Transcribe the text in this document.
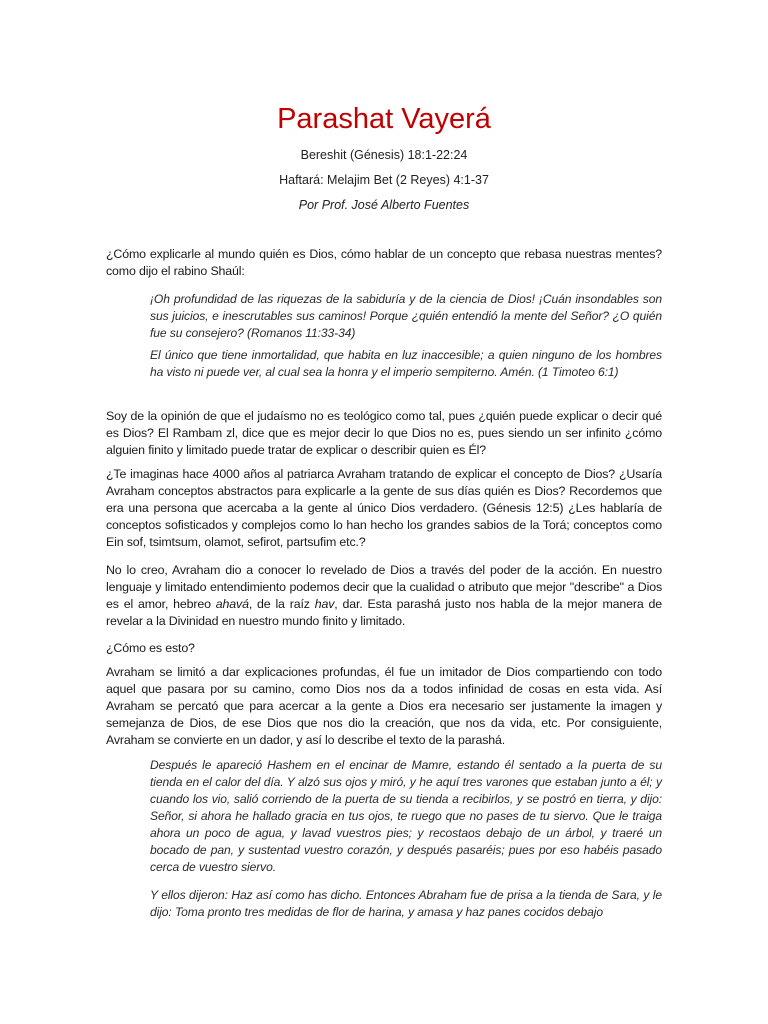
Parashat Vayerá
Bereshit (Génesis) 18:1-22:24
Haftará: Melajim Bet (2 Reyes) 4:1-37
Por Prof. José Alberto Fuentes
¿Cómo explicarle al mundo quién es Dios, cómo hablar de un concepto que rebasa nuestras mentes? como dijo el rabino Shaúl:
¡Oh profundidad de las riquezas de la sabiduría y de la ciencia de Dios! ¡Cuán insondables son sus juicios, e inescrutables sus caminos! Porque ¿quién entendió la mente del Señor? ¿O quién fue su consejero? (Romanos 11:33-34)
El único que tiene inmortalidad, que habita en luz inaccesible; a quien ninguno de los hombres ha visto ni puede ver, al cual sea la honra y el imperio sempiterno. Amén. (1 Timoteo 6:1)
Soy de la opinión de que el judaísmo no es teológico como tal, pues ¿quién puede explicar o decir qué es Dios? El Rambam zl, dice que es mejor decir lo que Dios no es, pues siendo un ser infinito ¿cómo alguien finito y limitado puede tratar de explicar o describir quien es Él?
¿Te imaginas hace 4000 años al patriarca Avraham tratando de explicar el concepto de Dios? ¿Usaría Avraham conceptos abstractos para explicarle a la gente de sus días quién es Dios? Recordemos que era una persona que acercaba a la gente al único Dios verdadero. (Génesis 12:5) ¿Les hablaría de conceptos sofisticados y complejos como lo han hecho los grandes sabios de la Torá; conceptos como Ein sof, tsimtsum, olamot, sefirot, partsufim etc.?
No lo creo, Avraham dio a conocer lo revelado de Dios a través del poder de la acción. En nuestro lenguaje y limitado entendimiento podemos decir que la cualidad o atributo que mejor "describe" a Dios es el amor, hebreo ahavá, de la raíz hav, dar. Esta parashá justo nos habla de la mejor manera de revelar a la Divinidad en nuestro mundo finito y limitado.
¿Cómo es esto?
Avraham se limitó a dar explicaciones profundas, él fue un imitador de Dios compartiendo con todo aquel que pasara por su camino, como Dios nos da a todos infinidad de cosas en esta vida. Así Avraham se percató que para acercar a la gente a Dios era necesario ser justamente la imagen y semejanza de Dios, de ese Dios que nos dio la creación, que nos da vida, etc. Por consiguiente, Avraham se convierte en un dador, y así lo describe el texto de la parashá.
Después le apareció Hashem en el encinar de Mamre, estando él sentado a la puerta de su tienda en el calor del día. Y alzó sus ojos y miró, y he aquí tres varones que estaban junto a él; y cuando los vio, salió corriendo de la puerta de su tienda a recibirlos, y se postró en tierra, y dijo: Señor, si ahora he hallado gracia en tus ojos, te ruego que no pases de tu siervo. Que le traiga ahora un poco de agua, y lavad vuestros pies; y recostaos debajo de un árbol, y traeré un bocado de pan, y sustentad vuestro corazón, y después pasaréis; pues por eso habéis pasado cerca de vuestro siervo.
Y ellos dijeron: Haz así como has dicho. Entonces Abraham fue de prisa a la tienda de Sara, y le dijo: Toma pronto tres medidas de flor de harina, y amasa y haz panes cocidos debajo
